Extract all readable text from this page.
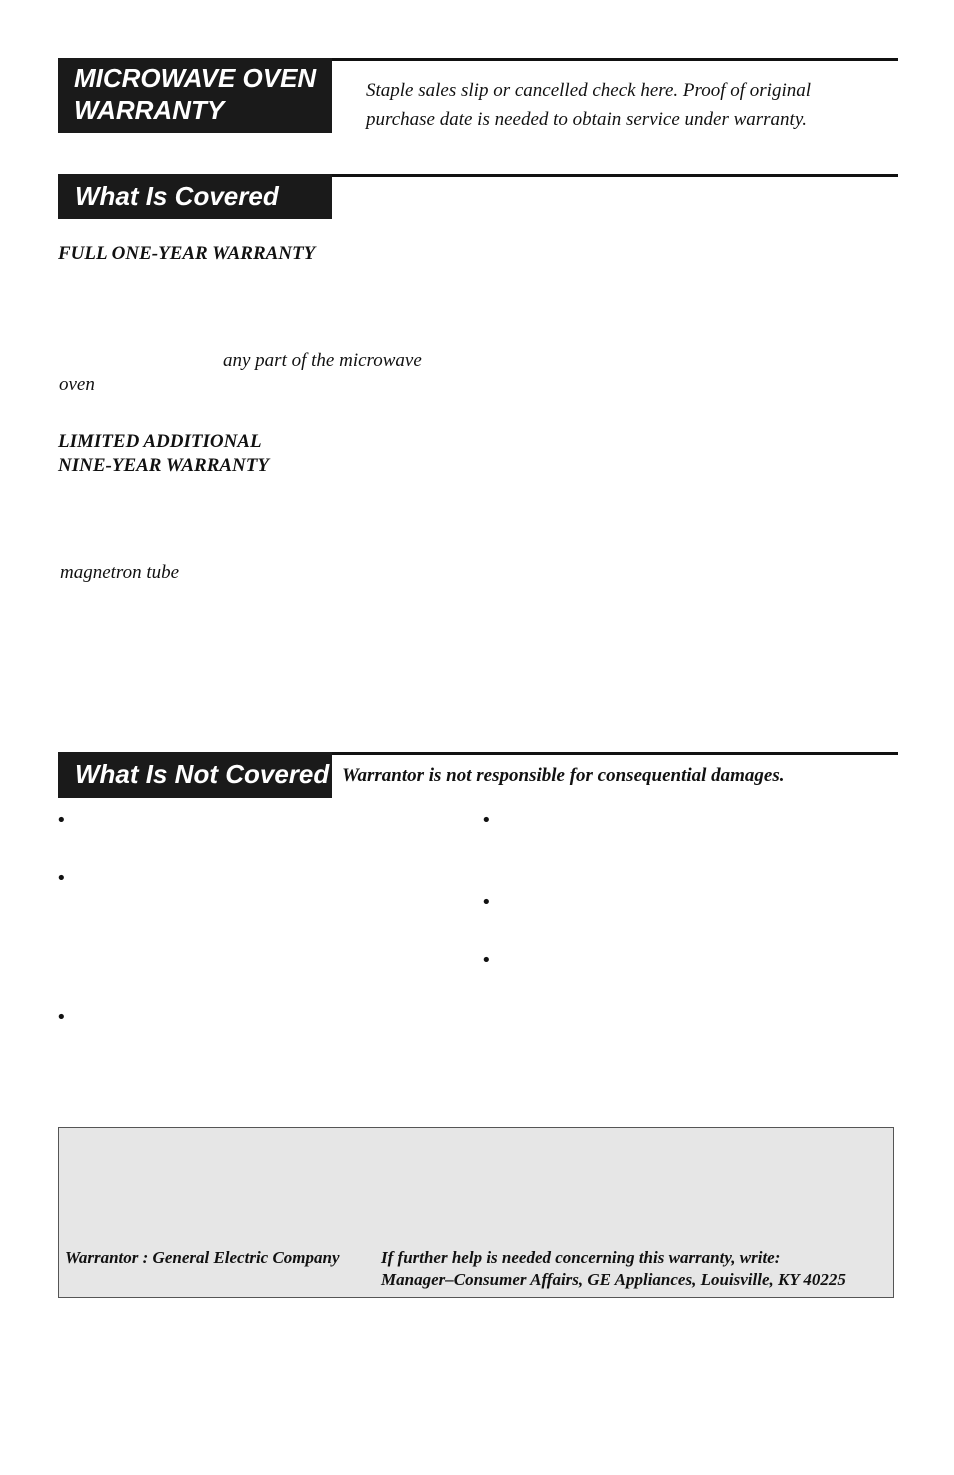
MICROWAVE OVEN
WARRANTY
Staple sales slip or cancelled check here. Proof of original
purchase date is needed to obtain service under warranty.
What Is Covered
FULL ONE-YEAR WARRANTY
any part of the microwave
oven
LIMITED ADDITIONAL
NINE-YEAR WARRANTY
magnetron tube
What Is Not Covered Warrantor is not responsible for consequential damages.
•
•
•
•
•
•
Warrantor : General Electric Company If further help is needed concerning this warranty, write:
Manager–Consumer Affairs, GE Appliances, Louisville, KY 40225
